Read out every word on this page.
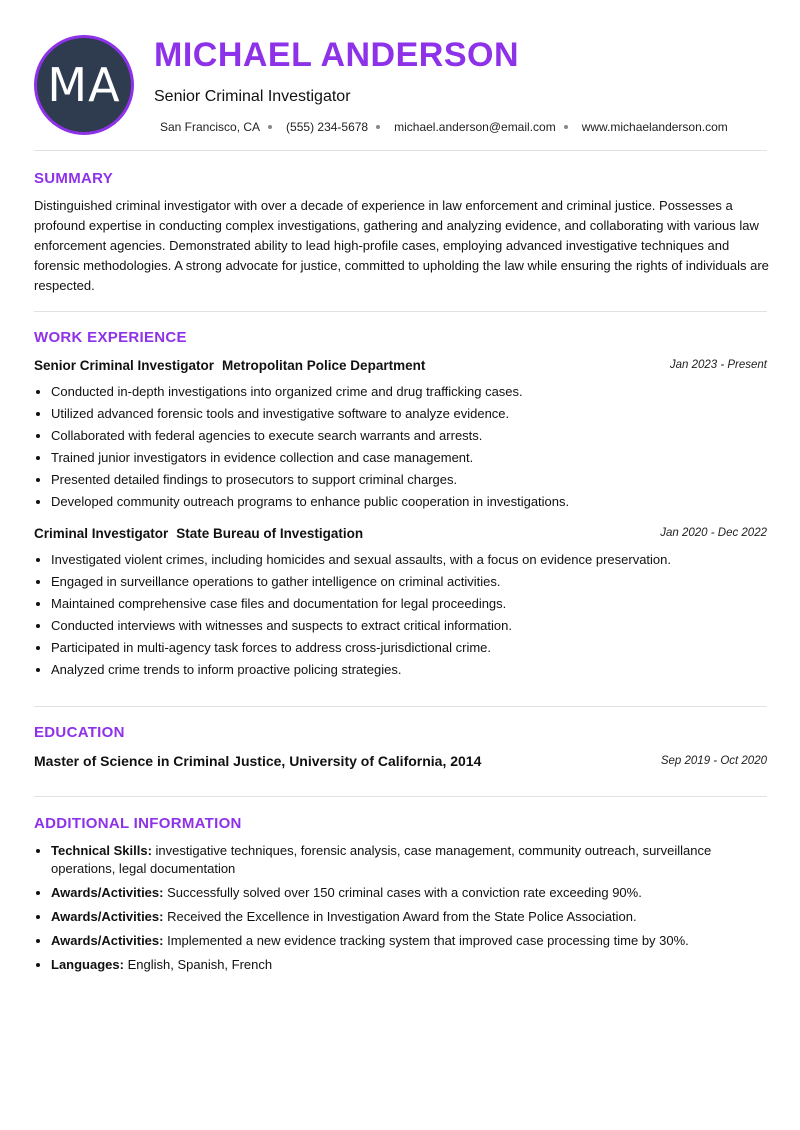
MA
MICHAEL ANDERSON
Senior Criminal Investigator
San Francisco, CA (555) 234-5678 michael.anderson@email.com www.michaelanderson.com
SUMMARY
Distinguished criminal investigator with over a decade of experience in law enforcement and criminal justice. Possesses a profound expertise in conducting complex investigations, gathering and analyzing evidence, and collaborating with various law enforcement agencies. Demonstrated ability to lead high-profile cases, employing advanced investigative techniques and forensic methodologies. A strong advocate for justice, committed to upholding the law while ensuring the rights of individuals are respected.
WORK EXPERIENCE
Senior Criminal Investigator Metropolitan Police Department	Jan 2023 - Present
• Conducted in-depth investigations into organized crime and drug trafficking cases.
• Utilized advanced forensic tools and investigative software to analyze evidence.
• Collaborated with federal agencies to execute search warrants and arrests.
• Trained junior investigators in evidence collection and case management.
• Presented detailed findings to prosecutors to support criminal charges.
• Developed community outreach programs to enhance public cooperation in investigations.
Criminal Investigator State Bureau of Investigation	Jan 2020 - Dec 2022
• Investigated violent crimes, including homicides and sexual assaults, with a focus on evidence preservation.
• Engaged in surveillance operations to gather intelligence on criminal activities.
• Maintained comprehensive case files and documentation for legal proceedings.
• Conducted interviews with witnesses and suspects to extract critical information.
• Participated in multi-agency task forces to address cross-jurisdictional crime.
• Analyzed crime trends to inform proactive policing strategies.
EDUCATION
Master of Science in Criminal Justice, University of California, 2014	Sep 2019 - Oct 2020
ADDITIONAL INFORMATION
• Technical Skills: investigative techniques, forensic analysis, case management, community outreach, surveillance operations, legal documentation
• Awards/Activities: Successfully solved over 150 criminal cases with a conviction rate exceeding 90%.
• Awards/Activities: Received the Excellence in Investigation Award from the State Police Association.
• Awards/Activities: Implemented a new evidence tracking system that improved case processing time by 30%.
• Languages: English, Spanish, French
